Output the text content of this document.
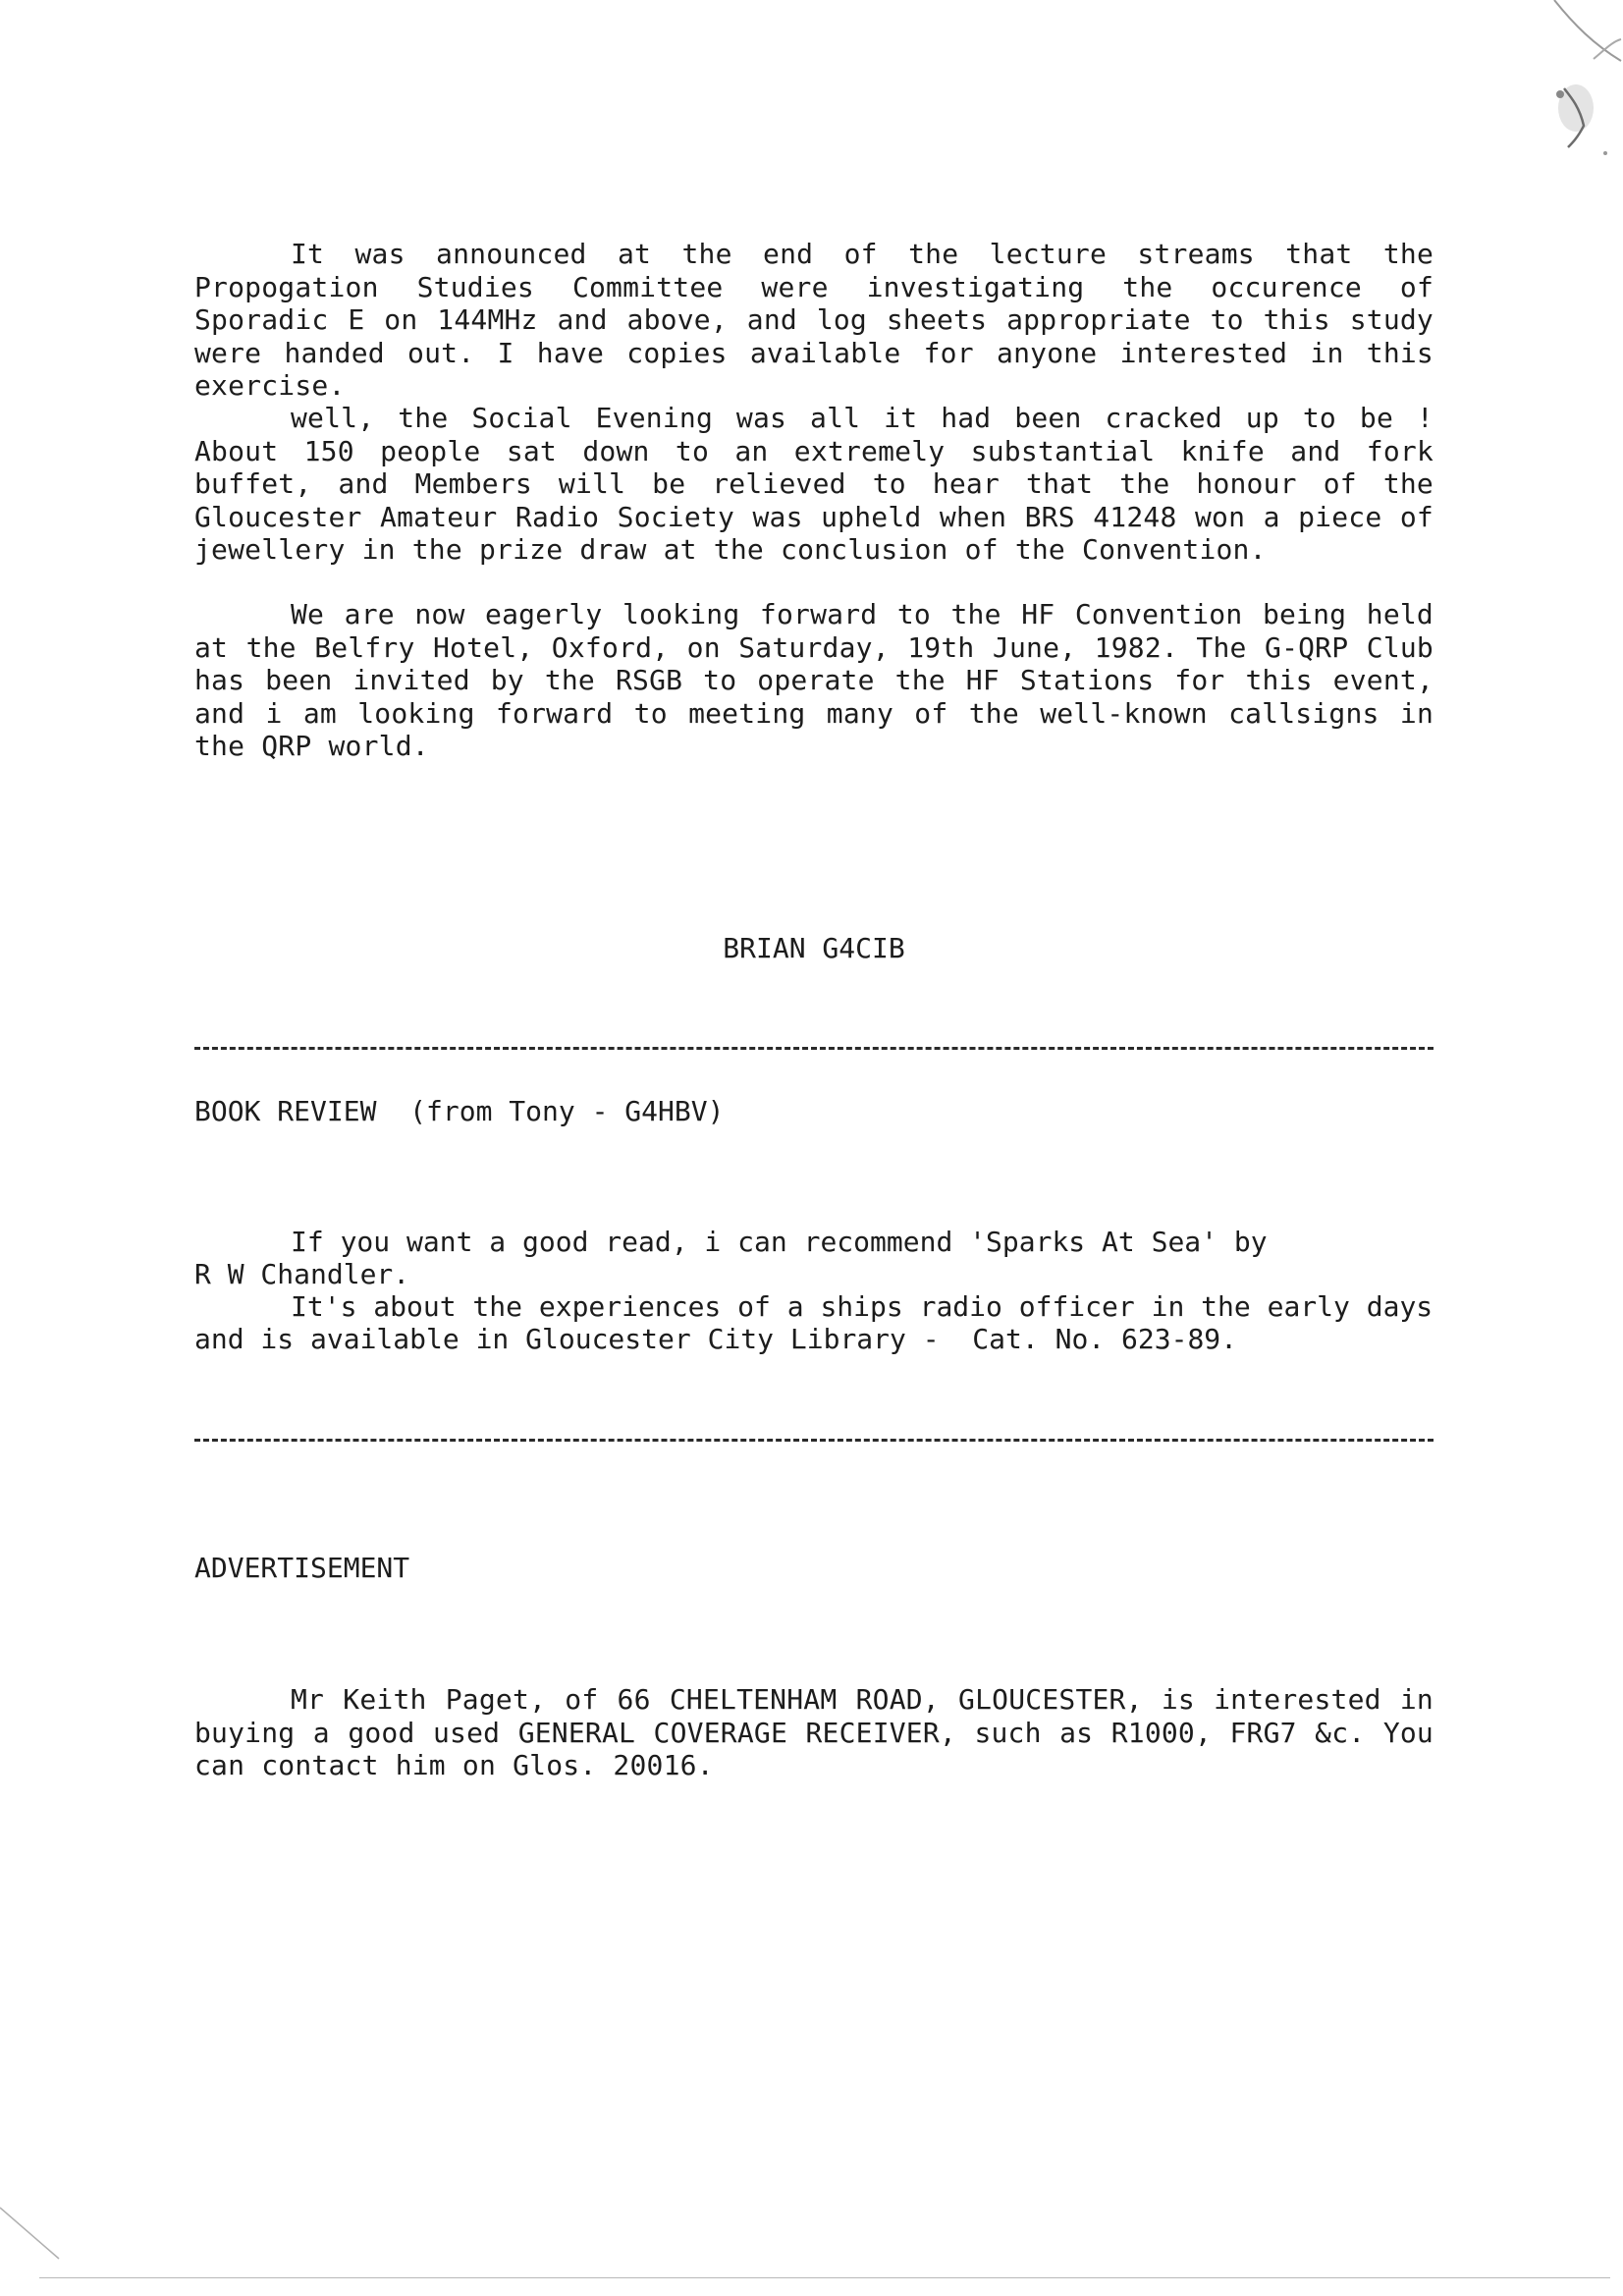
It was announced at the end of the lecture streams that the Propogation Studies Committee were investigating the occurence of Sporadic E on 144MHz and above, and log sheets appropriate to this study were handed out. I have copies available for anyone interested in this exercise.

well, the Social Evening was all it had been cracked up to be ! About 150 people sat down to an extremely substantial knife and fork buffet, and Members will be relieved to hear that the honour of the Gloucester Amateur Radio Society was upheld when BRS 41248 won a piece of jewellery in the prize draw at the conclusion of the Convention.

We are now eagerly looking forward to the HF Convention being held at the Belfry Hotel, Oxford, on Saturday, 19th June, 1982. The G-QRP Club has been invited by the RSGB to operate the HF Stations for this event, and i am looking forward to meeting many of the well-known callsigns in the QRP world.

BRIAN G4CIB
BOOK REVIEW  (from Tony - G4HBV)
If you want a good read, i can recommend 'Sparks At Sea' by
R W Chandler.
It's about the experiences of a ships radio officer in the early days
and is available in Gloucester City Library -  Cat. No. 623-89.
ADVERTISEMENT

Mr Keith Paget, of 66 CHELTENHAM ROAD, GLOUCESTER, is interested in buying a good used GENERAL COVERAGE RECEIVER, such as R1000, FRG7 &c. You can contact him on Glos. 20016.
